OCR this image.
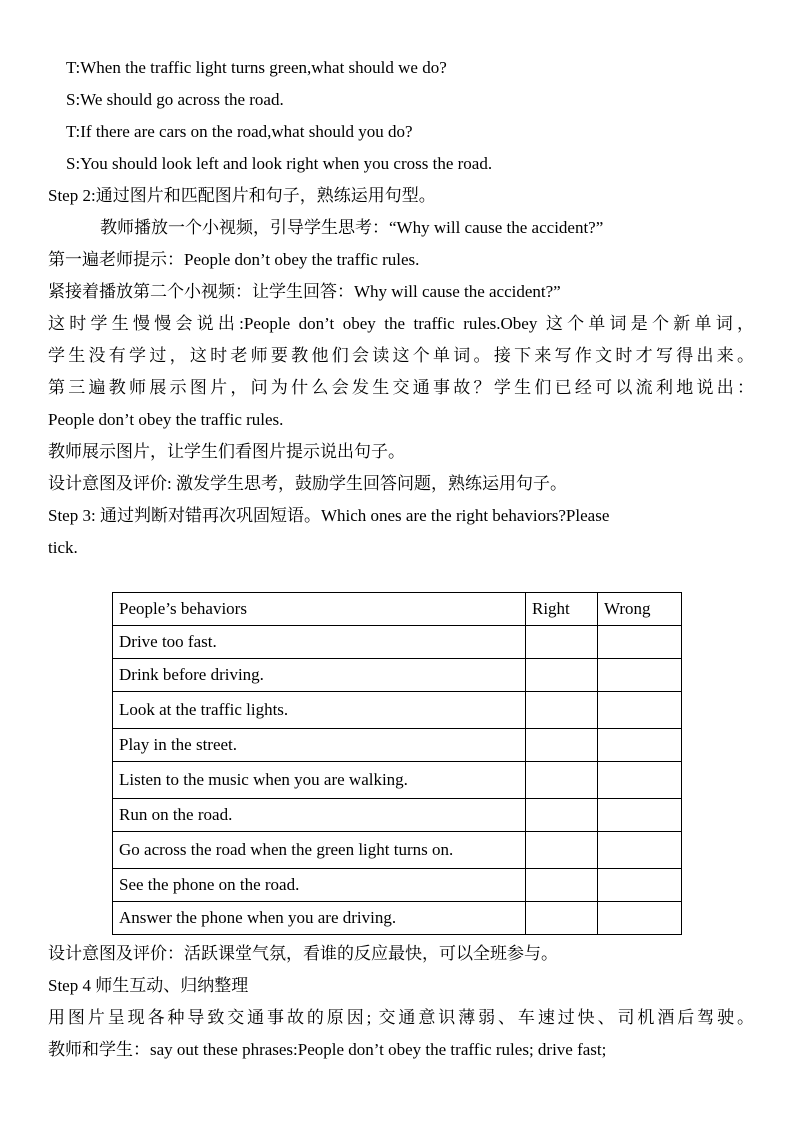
T:When the traffic light turns green,what should we do?
S:We should go across the road.
T:If there are cars on the road,what should you do?
S:You should look left and look right when you cross the road.
Step 2:通过图片和匹配图片和句子，熟练运用句型。
教师播放一个小视频，引导学生思考：“Why will cause the accident?”
第一遍老师提示：People don’t obey the traffic rules.
紧接着播放第二个小视频：让学生回答：Why will cause the accident?”
这时学生慢慢会说出:People don’t obey the traffic rules.Obey 这个单词是个新单词，
学生没有学过，这时老师要教他们会读这个单词。接下来写作文时才写得出来。
第三遍教师展示图片，问为什么会发生交通事故？学生们已经可以流利地说出：
People don’t obey the traffic rules.
教师展示图片，让学生们看图片提示说出句子。
设计意图及评价: 激发学生思考，鼓励学生回答问题，熟练运用句子。
Step 3: 通过判断对错再次巩固短语。Which ones are the right behaviors?Please
tick.
People’s behaviors	Right	Wrong
Drive too fast.		
Drink before driving.		
Look at the traffic lights.		
Play in the street.		
Listen to the music when you are walking.		
Run on the road.		
Go across the road when the green light turns on.		
See the phone on the road.		
Answer the phone when you are driving.		
设计意图及评价：活跃课堂气氛，看谁的反应最快，可以全班参与。
Step 4 师生互动、归纳整理
用图片呈现各种导致交通事故的原因; 交通意识薄弱、车速过快、司机酒后驾驶。
教师和学生：say out these phrases:People don’t obey the traffic rules; drive fast;
